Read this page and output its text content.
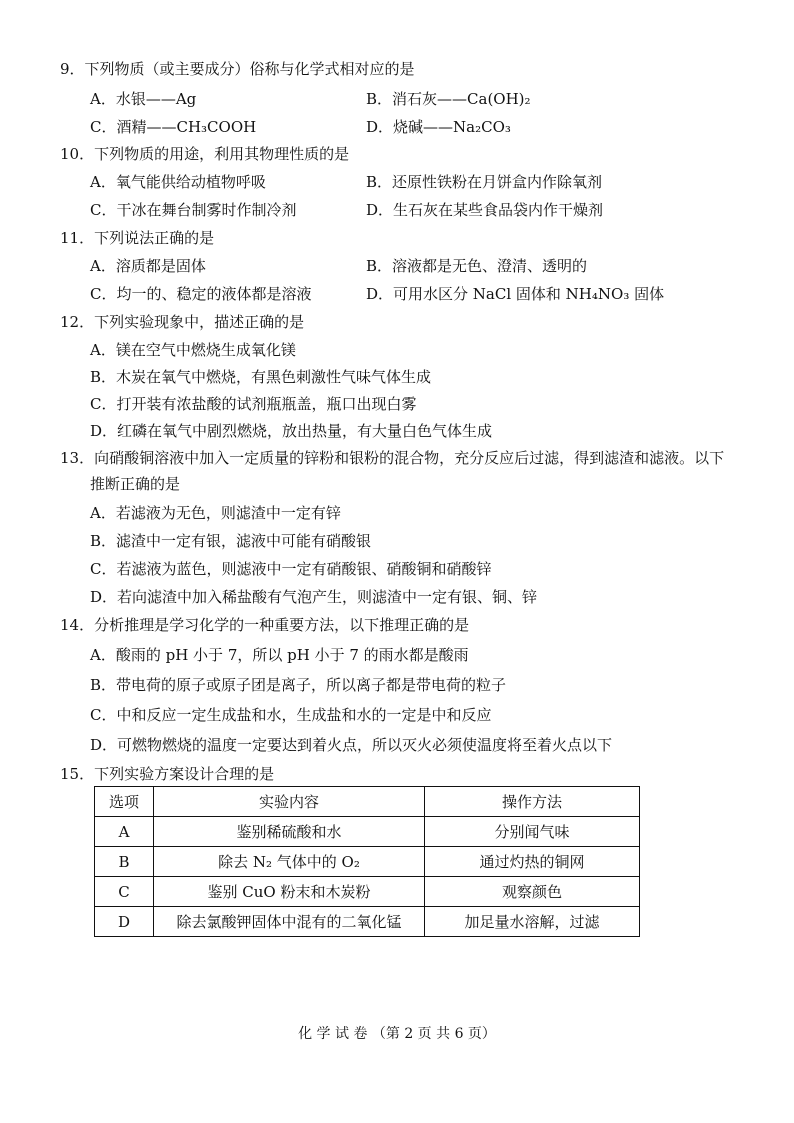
9．下列物质（或主要成分）俗称与化学式相对应的是
A．水银——Ag	B．消石灰——Ca(OH)₂
C．酒精——CH₃COOH	D．烧碱——Na₂CO₃
10．下列物质的用途，利用其物理性质的是
A．氧气能供给动植物呼吸	B．还原性铁粉在月饼盒内作除氧剂
C．干冰在舞台制雾时作制冷剂	D．生石灰在某些食品袋内作干燥剂
11．下列说法正确的是
A．溶质都是固体	B．溶液都是无色、澄清、透明的
C．均一的、稳定的液体都是溶液	D．可用水区分 NaCl 固体和 NH₄NO₃ 固体
12．下列实验现象中，描述正确的是
A．镁在空气中燃烧生成氧化镁
B．木炭在氧气中燃烧，有黑色刺激性气味气体生成
C．打开装有浓盐酸的试剂瓶瓶盖，瓶口出现白雾
D．红磷在氧气中剧烈燃烧，放出热量，有大量白色气体生成
13．向硝酸铜溶液中加入一定质量的锌粉和银粉的混合物，充分反应后过滤，得到滤渣和滤液。以下
推断正确的是
A．若滤液为无色，则滤渣中一定有锌
B．滤渣中一定有银，滤液中可能有硝酸银
C．若滤液为蓝色，则滤液中一定有硝酸银、硝酸铜和硝酸锌
D．若向滤渣中加入稀盐酸有气泡产生，则滤渣中一定有银、铜、锌
14．分析推理是学习化学的一种重要方法，以下推理正确的是
A．酸雨的 pH 小于 7，所以 pH 小于 7 的雨水都是酸雨
B．带电荷的原子或原子团是离子，所以离子都是带电荷的粒子
C．中和反应一定生成盐和水，生成盐和水的一定是中和反应
D．可燃物燃烧的温度一定要达到着火点，所以灭火必须使温度将至着火点以下
15．下列实验方案设计合理的是
选项	实验内容	操作方法
A	鉴别稀硫酸和水	分别闻气味
B	除去 N₂ 气体中的 O₂	通过灼热的铜网
C	鉴别 CuO 粉末和木炭粉	观察颜色
D	除去氯酸钾固体中混有的二氧化锰	加足量水溶解，过滤
化 学 试 卷 （第 2 页 共 6 页）
